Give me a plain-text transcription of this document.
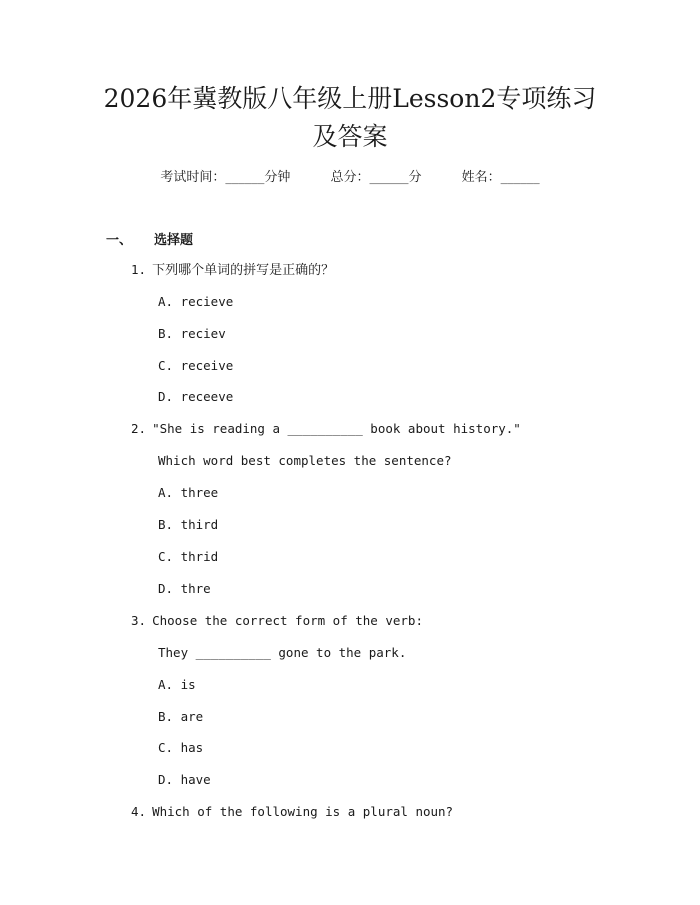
2026年冀教版八年级上册Lesson2专项练习
及答案
考试时间：______分钟	总分：______分	姓名：______
一、 选择题
1. 下列哪个单词的拼写是正确的？
A. recieve
B. reciev
C. receive
D. receeve
2. "She is reading a __________ book about history."
Which word best completes the sentence?
A. three
B. third
C. thrid
D. thre
3. Choose the correct form of the verb:
They __________ gone to the park.
A. is
B. are
C. has
D. have
4. Which of the following is a plural noun?
